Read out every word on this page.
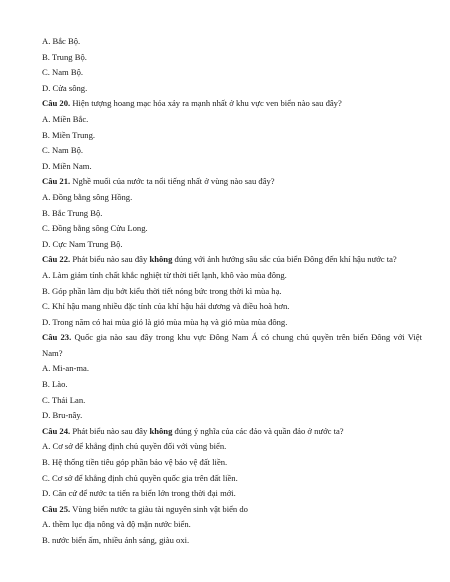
A. Bắc Bộ.
B. Trung Bộ.
C. Nam Bộ.
D. Cửa sông.
Câu 20. Hiện tượng hoang mạc hóa xảy ra mạnh nhất ở khu vực ven biển nào sau đây?
A. Miền Bắc.
B. Miền Trung.
C. Nam Bộ.
D. Miền Nam.
Câu 21. Nghề muối của nước ta nổi tiếng nhất ở vùng nào sau đây?
A. Đồng bằng sông Hồng.
B. Bắc Trung Bộ.
C. Đồng bằng sông Cửu Long.
D. Cực Nam Trung Bộ.
Câu 22. Phát biểu nào sau đây không đúng với ảnh hưởng sâu sắc của biển Đông đến khí hậu nước ta?
A. Làm giảm tính chất khắc nghiệt từ thời tiết lạnh, khô vào mùa đông.
B. Góp phần làm dịu bớt kiểu thời tiết nóng bức trong thời kì mùa hạ.
C. Khí hậu mang nhiều đặc tính của khí hậu hải dương và điều hoà hơn.
D. Trong năm có hai mùa gió là gió mùa mùa hạ và gió mùa mùa đông.
Câu 23. Quốc gia nào sau đây trong khu vực Đông Nam Á có chung chủ quyền trên biển Đông với Việt Nam?
A. Mi-an-ma.
B. Lào.
C. Thái Lan.
D. Bru-nây.
Câu 24. Phát biểu nào sau đây không đúng ý nghĩa của các đảo và quần đảo ở nước ta?
A. Cơ sở để khẳng định chủ quyền đối với vùng biển.
B. Hệ thống tiền tiêu góp phần bảo vệ bảo vệ đất liền.
C. Cơ sở để khẳng định chủ quyền quốc gia trên đất liền.
D. Căn cứ để nước ta tiến ra biển lớn trong thời đại mới.
Câu 25. Vùng biển nước ta giàu tài nguyên sinh vật biển do
A. thềm lục địa nông và độ mặn nước biển.
B. nước biển ấm, nhiều ánh sáng, giàu oxi.
